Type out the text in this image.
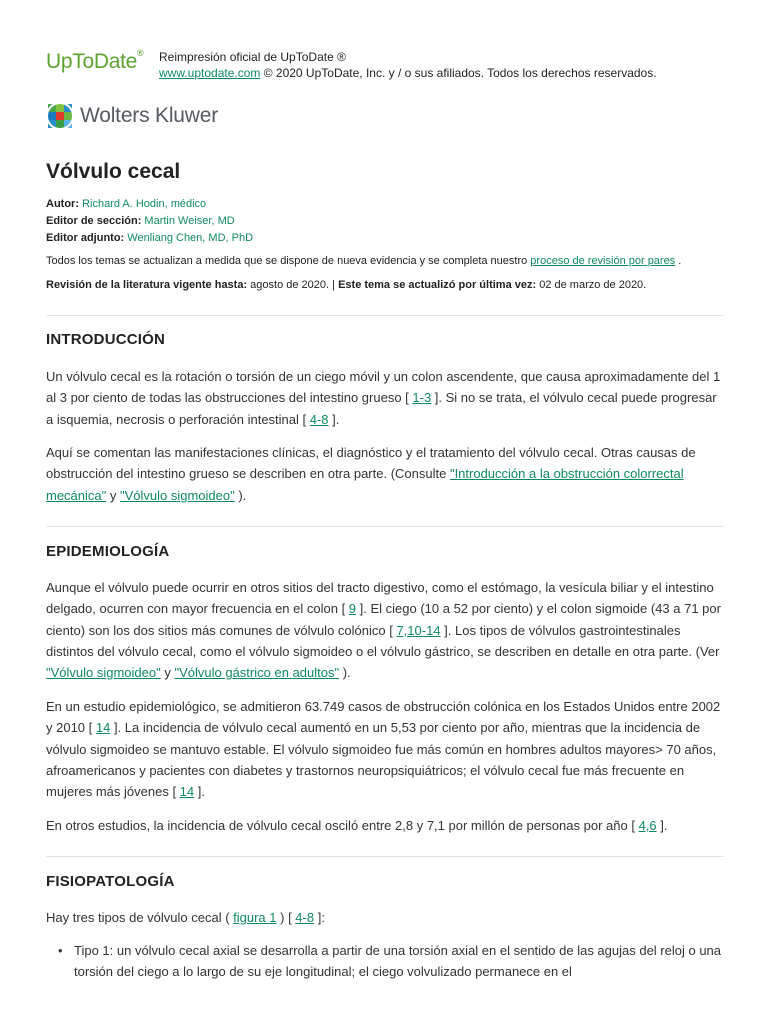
UpToDate® Reimpresión oficial de UpToDate ®
www.uptodate.com © 2020 UpToDate, Inc. y / o sus afiliados. Todos los derechos reservados.
Wolters Kluwer
Vólvulo cecal
Autor: Richard A. Hodin, médico
Editor de sección: Martin Weiser, MD
Editor adjunto: Wenliang Chen, MD, PhD
Todos los temas se actualizan a medida que se dispone de nueva evidencia y se completa nuestro proceso de revisión por pares .
Revisión de la literatura vigente hasta: agosto de 2020. | Este tema se actualizó por última vez: 02 de marzo de 2020.
INTRODUCCIÓN

Un vólvulo cecal es la rotación o torsión de un ciego móvil y un colon ascendente, que causa aproximadamente del 1 al 3 por ciento de todas las obstrucciones del intestino grueso [ 1-3 ]. Si no se trata, el vólvulo cecal puede progresar a isquemia, necrosis o perforación intestinal [ 4-8 ].

Aquí se comentan las manifestaciones clínicas, el diagnóstico y el tratamiento del vólvulo cecal. Otras causas de obstrucción del intestino grueso se describen en otra parte. (Consulte "Introducción a la obstrucción colorrectal mecánica" y "Vólvulo sigmoideo" ).

EPIDEMIOLOGÍA

Aunque el vólvulo puede ocurrir en otros sitios del tracto digestivo, como el estómago, la vesícula biliar y el intestino delgado, ocurren con mayor frecuencia en el colon [ 9 ]. El ciego (10 a 52 por ciento) y el colon sigmoide (43 a 71 por ciento) son los dos sitios más comunes de vólvulo colónico [ 7,10-14 ]. Los tipos de vólvulos gastrointestinales distintos del vólvulo cecal, como el vólvulo sigmoideo o el vólvulo gástrico, se describen en detalle en otra parte. (Ver "Vólvulo sigmoideo" y "Vólvulo gástrico en adultos" ).

En un estudio epidemiológico, se admitieron 63.749 casos de obstrucción colónica en los Estados Unidos entre 2002 y 2010 [ 14 ]. La incidencia de vólvulo cecal aumentó en un 5,53 por ciento por año, mientras que la incidencia de vólvulo sigmoideo se mantuvo estable. El vólvulo sigmoideo fue más común en hombres adultos mayores> 70 años, afroamericanos y pacientes con diabetes y trastornos neuropsiquiátricos; el vólvulo cecal fue más frecuente en mujeres más jóvenes [ 14 ].

En otros estudios, la incidencia de vólvulo cecal osciló entre 2,8 y 7,1 por millón de personas por año [ 4,6 ].

FISIOPATOLOGÍA

Hay tres tipos de vólvulo cecal ( figura 1 ) [ 4-8 ]:

• Tipo 1: un vólvulo cecal axial se desarrolla a partir de una torsión axial en el sentido de las agujas del reloj o una torsión del ciego a lo largo de su eje longitudinal; el ciego volvulizado permanece en el
